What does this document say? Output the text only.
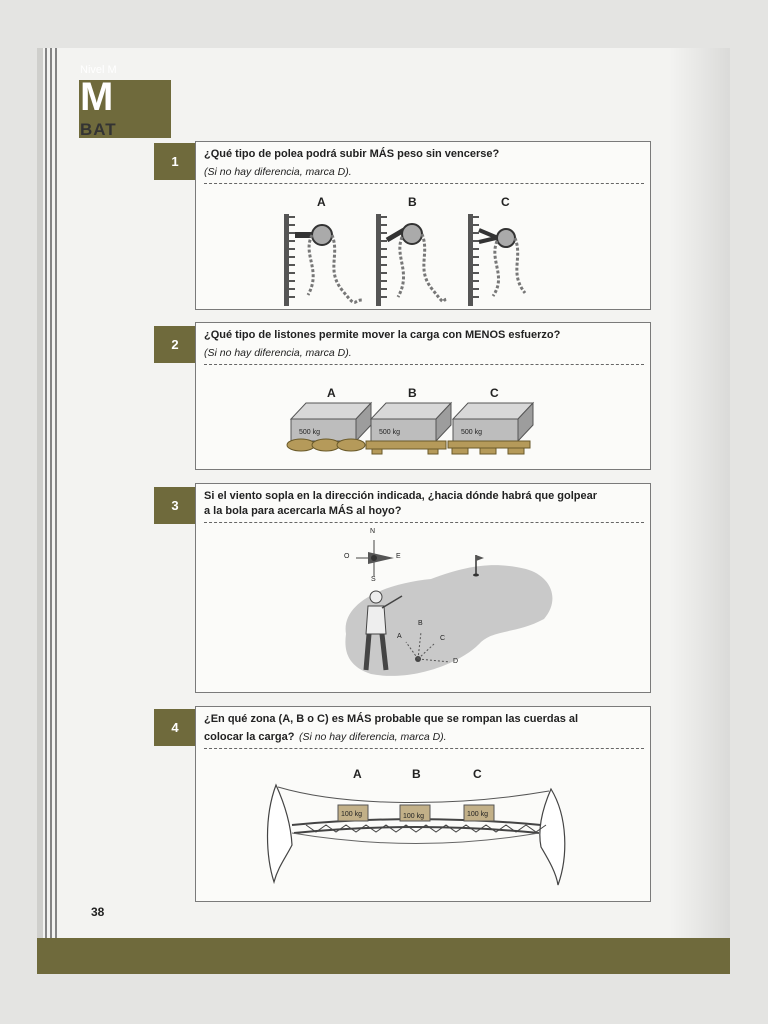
Nivel M
M
BAT
1	¿Qué tipo de polea podrá subir MÁS peso sin vencerse?
(Si no hay diferencia, marca D).
A	B	C
2
¿Qué tipo de listones permite mover la carga con MENOS esfuerzo?
(Si no hay diferencia, marca D).
A	B	C
500 kg	500 kg	500 kg
3
Si el viento sopla en la dirección indicada, ¿hacia dónde habrá que golpear
a la bola para acercarla MÁS al hoyo?
N
S
E
O
A
B
C
D
4
¿En qué zona (A, B o C) es MÁS probable que se rompan las cuerdas al
colocar la carga? (Si no hay diferencia, marca D).
A	B	C
100 kg	100 kg	100 kg
38
